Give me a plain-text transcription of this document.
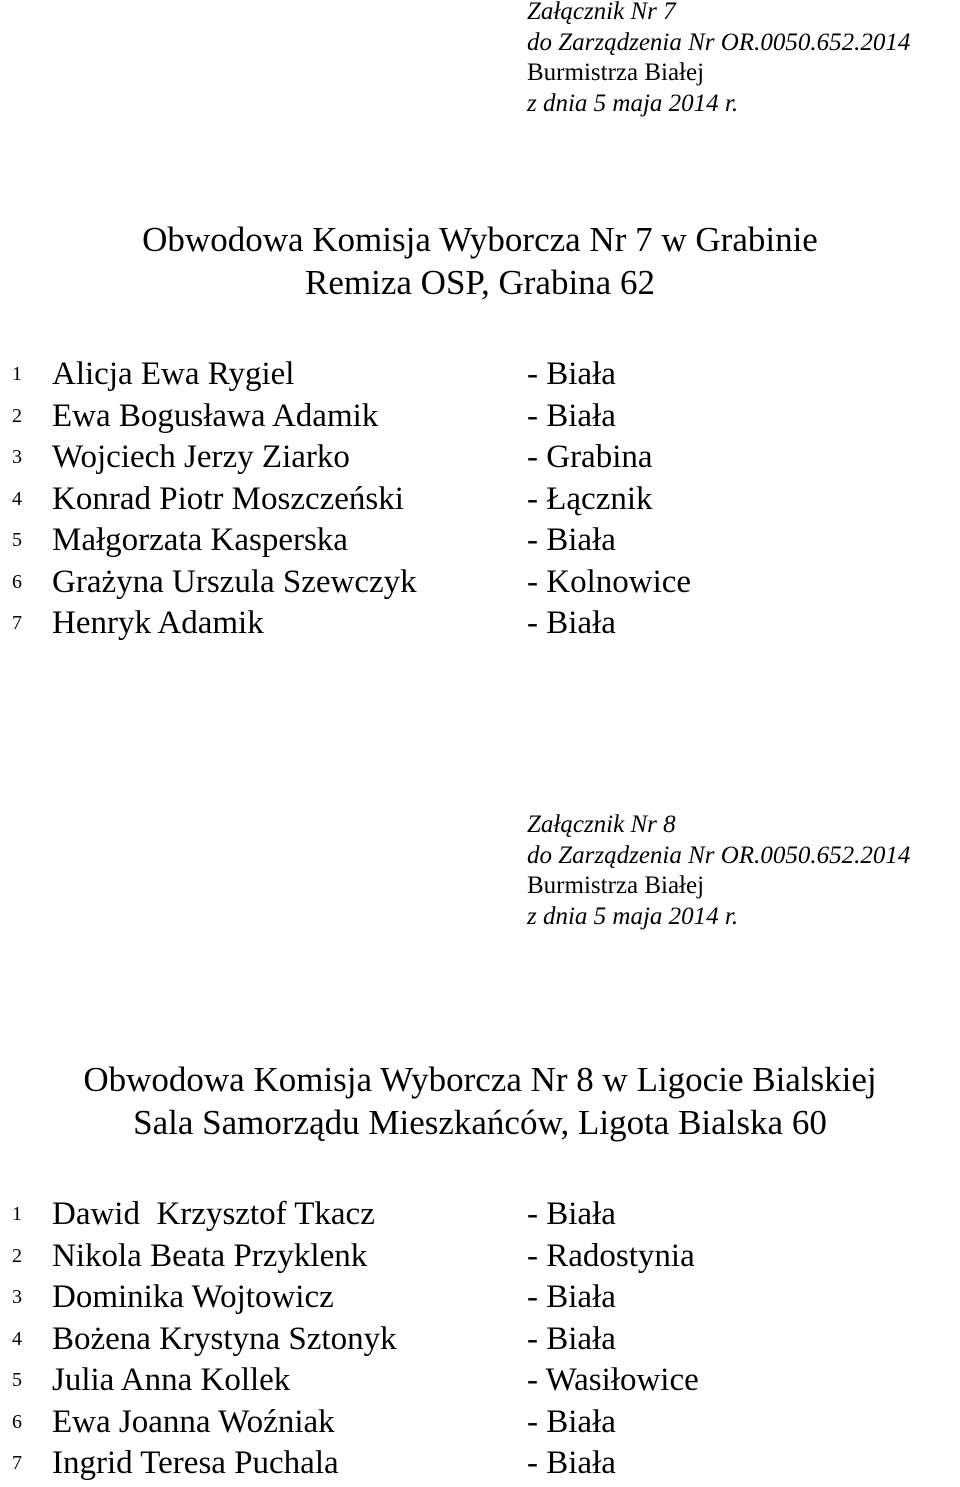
Załącznik Nr 7
do Zarządzenia Nr OR.0050.652.2014
Burmistrza Białej
z dnia 5 maja 2014 r.
Obwodowa Komisja Wyborcza Nr 7 w Grabinie
Remiza OSP, Grabina 62
1 Alicja Ewa Rygiel	- Biała
2 Ewa Bogusława Adamik	- Biała
3 Wojciech Jerzy Ziarko	- Grabina
4 Konrad Piotr Moszczeński	- Łącznik
5 Małgorzata Kasperska	- Biała
6 Grażyna Urszula Szewczyk	- Kolnowice
7 Henryk Adamik	- Biała
Załącznik Nr 8
do Zarządzenia Nr OR.0050.652.2014
Burmistrza Białej
z dnia 5 maja 2014 r.
Obwodowa Komisja Wyborcza Nr 8 w Ligocie Bialskiej
Sala Samorządu Mieszkańców, Ligota Bialska 60
1 Dawid  Krzysztof Tkacz	- Biała
2 Nikola Beata Przyklenk	- Radostynia
3 Dominika Wojtowicz	- Biała
4 Bożena Krystyna Sztonyk	- Biała
5 Julia Anna Kollek	- Wasiłowice
6 Ewa Joanna Woźniak	- Biała
7 Ingrid Teresa Puchala	- Biała
